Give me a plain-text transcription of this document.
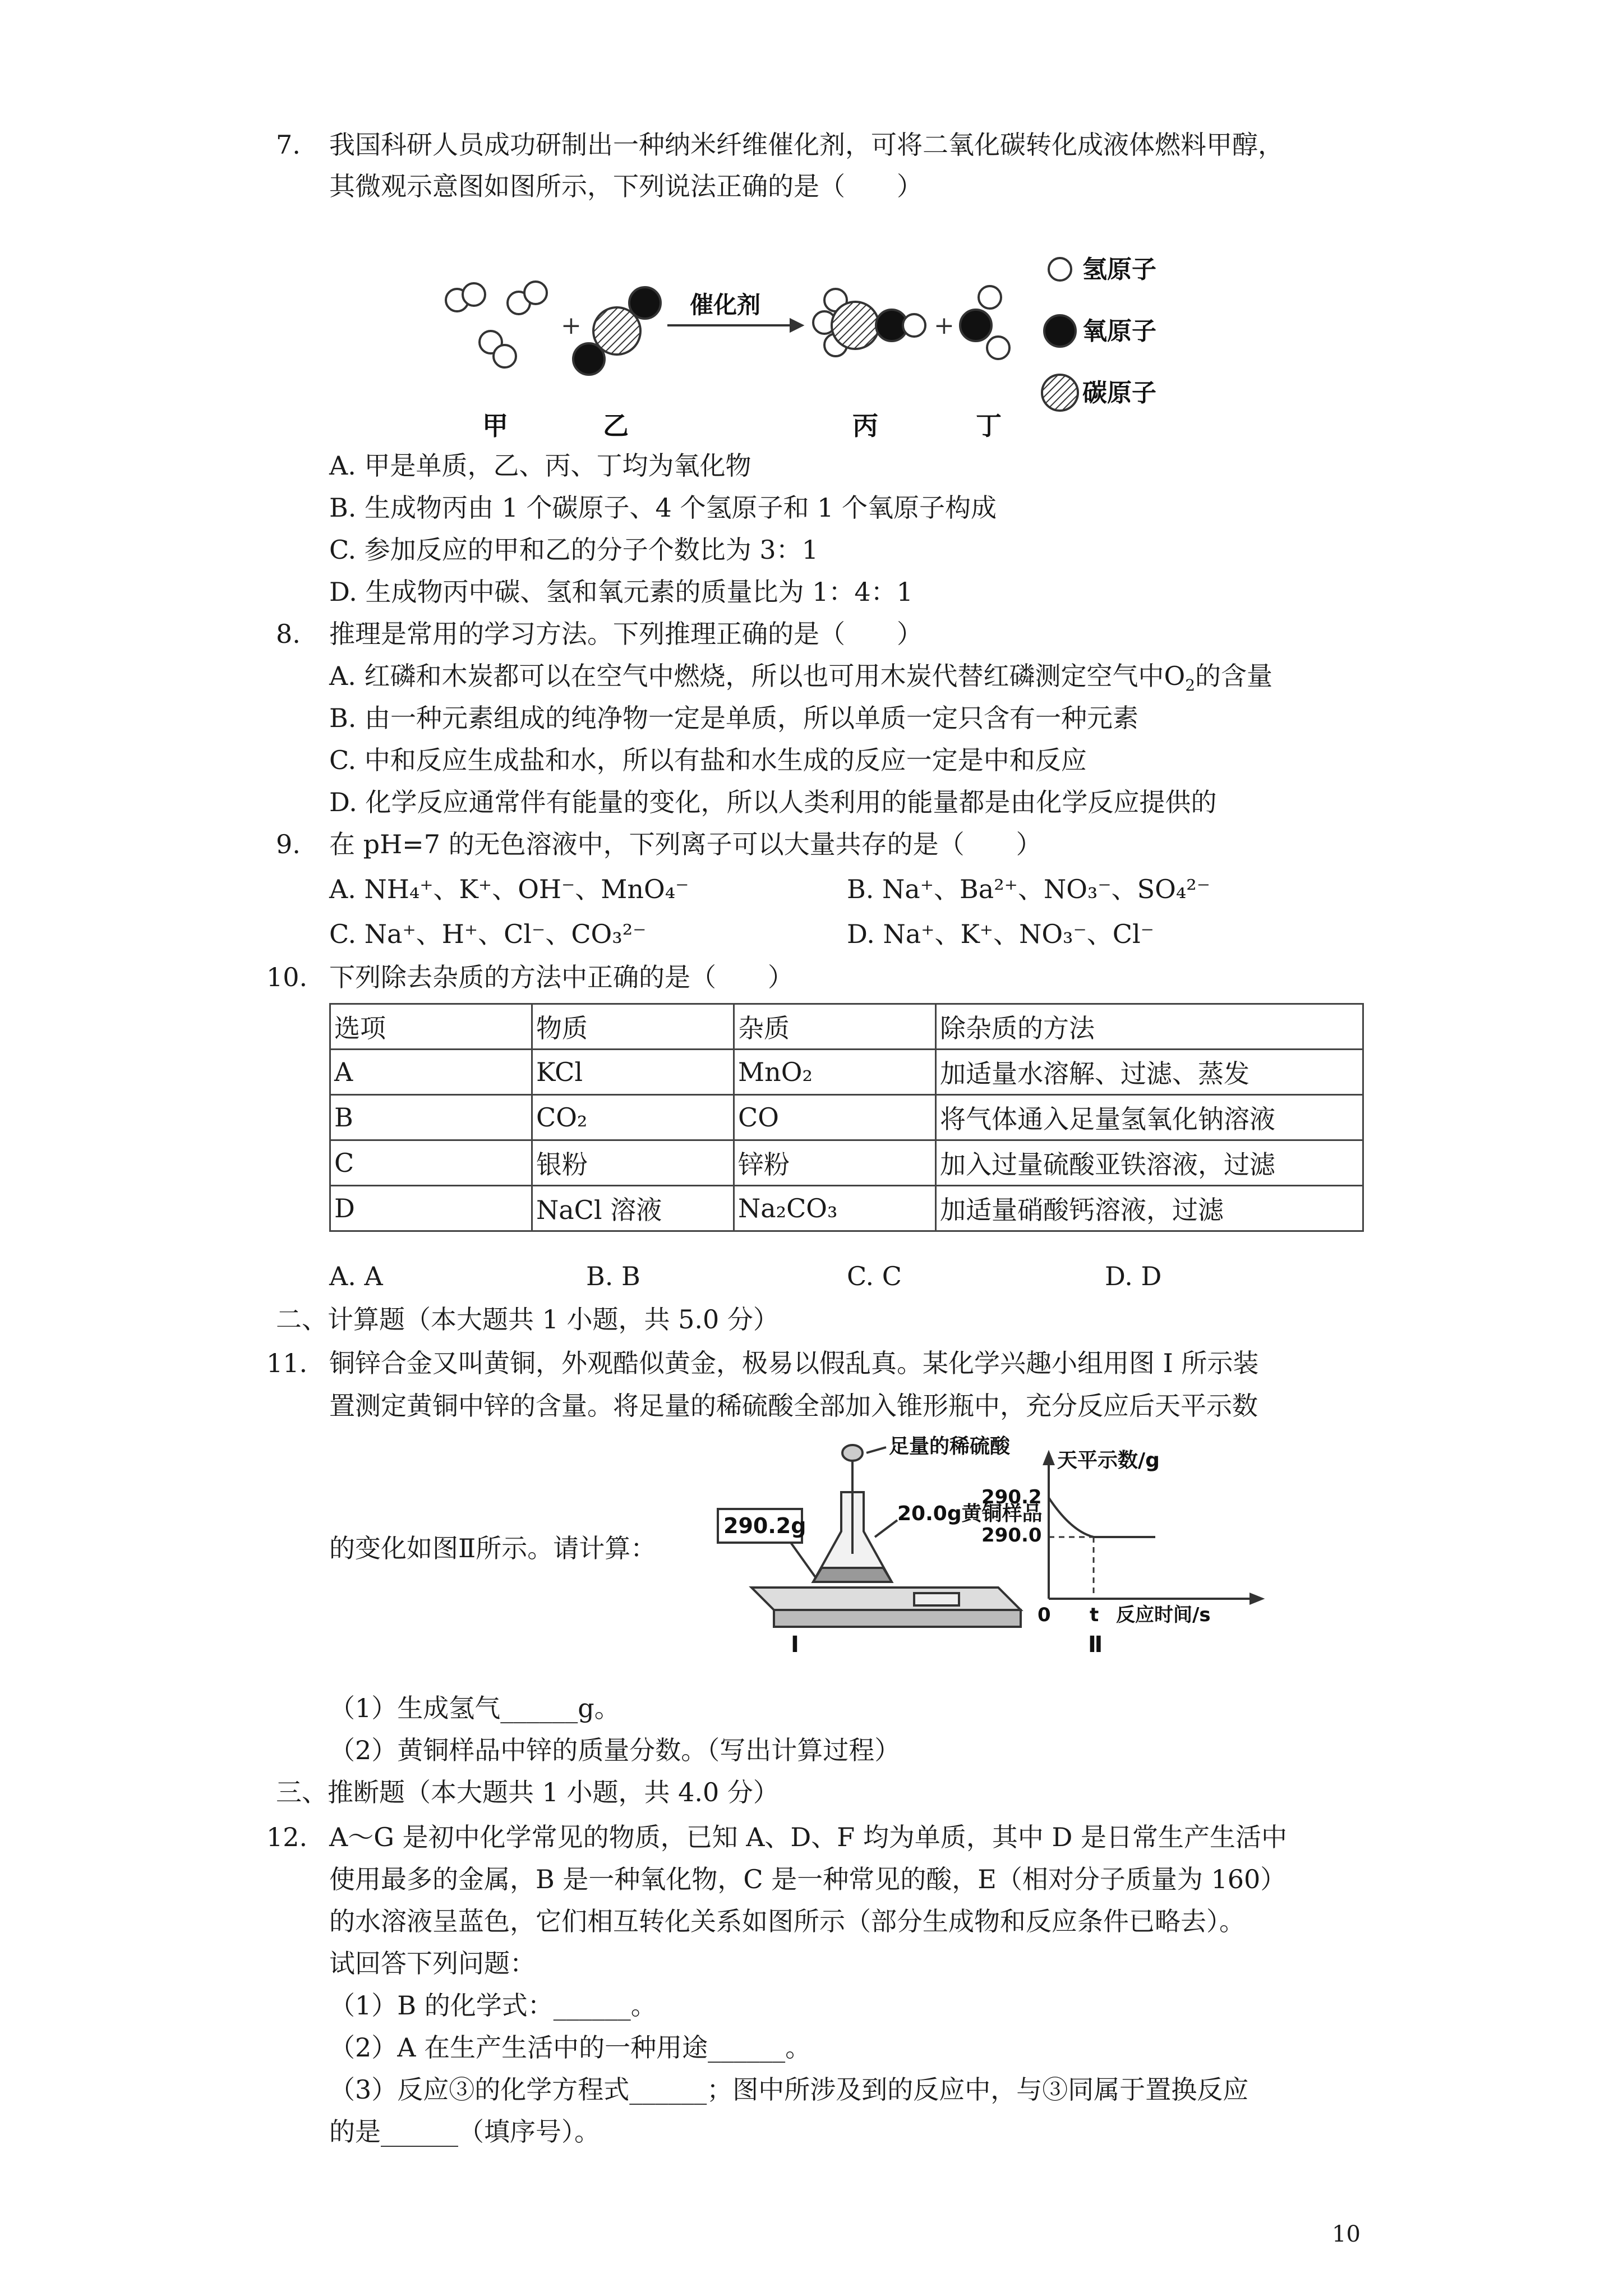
7. 我国科研人员成功研制出一种纳米纤维催化剂，可将二氧化碳转化成液体燃料甲醇，
其微观示意图如图所示，下列说法正确的是（　　）
+	+
催化剂
甲	乙	丙	丁
氢原子
氧原子
碳原子
A. 甲是单质，乙、丙、丁均为氧化物
B. 生成物丙由 1 个碳原子、4 个氢原子和 1 个氧原子构成
C. 参加反应的甲和乙的分子个数比为 3：1
D. 生成物丙中碳、氢和氧元素的质量比为 1：4：1
8. 推理是常用的学习方法。下列推理正确的是（　　）
A. 红磷和木炭都可以在空气中燃烧，所以也可用木炭代替红磷测定空气中$O_2$的含量
B. 由一种元素组成的纯净物一定是单质，所以单质一定只含有一种元素
C. 中和反应生成盐和水，所以有盐和水生成的反应一定是中和反应
D. 化学反应通常伴有能量的变化，所以人类利用的能量都是由化学反应提供的
9. 在 pH=7 的无色溶液中，下列离子可以大量共存的是（　　）
A. NH₄⁺、K⁺、OH⁻、MnO₄⁻	B. Na⁺、Ba²⁺、NO₃⁻、SO₄²⁻
C. Na⁺、H⁺、Cl⁻、CO₃²⁻	D. Na⁺、K⁺、NO₃⁻、Cl⁻
10. 下列除去杂质的方法中正确的是（　　）
选项	物质	杂质	除杂质的方法
A	KCl	MnO₂	加适量水溶解、过滤、蒸发
B	CO₂	CO	将气体通入足量氢氧化钠溶液
C	银粉	锌粉	加入过量硫酸亚铁溶液，过滤
D	NaCl 溶液	Na₂CO₃	加适量硝酸钙溶液，过滤
A. A	B. B	C. C	D. D
二、计算题（本大题共 1 小题，共 5.0 分）
11. 铜锌合金又叫黄铜，外观酷似黄金，极易以假乱真。某化学兴趣小组用图 I 所示装
置测定黄铜中锌的含量。将足量的稀硫酸全部加入锥形瓶中，充分反应后天平示数
的变化如图Ⅱ所示。请计算：
290.2g
足量的稀硫酸
20.0g黄铜样品
Ⅰ
天平示数/g
290.2
290.0
0 t 反应时间/s
Ⅱ
（1）生成氢气______g。
（2）黄铜样品中锌的质量分数。（写出计算过程）
三、推断题（本大题共 1 小题，共 4.0 分）
12. A～G 是初中化学常见的物质，已知 A、D、F 均为单质，其中 D 是日常生产生活中
使用最多的金属，B 是一种氧化物，C 是一种常见的酸，E（相对分子质量为 160）
的水溶液呈蓝色，它们相互转化关系如图所示（部分生成物和反应条件已略去）。
试回答下列问题：
（1）B 的化学式：______。
（2）A 在生产生活中的一种用途______。
（3）反应③的化学方程式______；图中所涉及到的反应中，与③同属于置换反应
的是______（填序号）。
10
